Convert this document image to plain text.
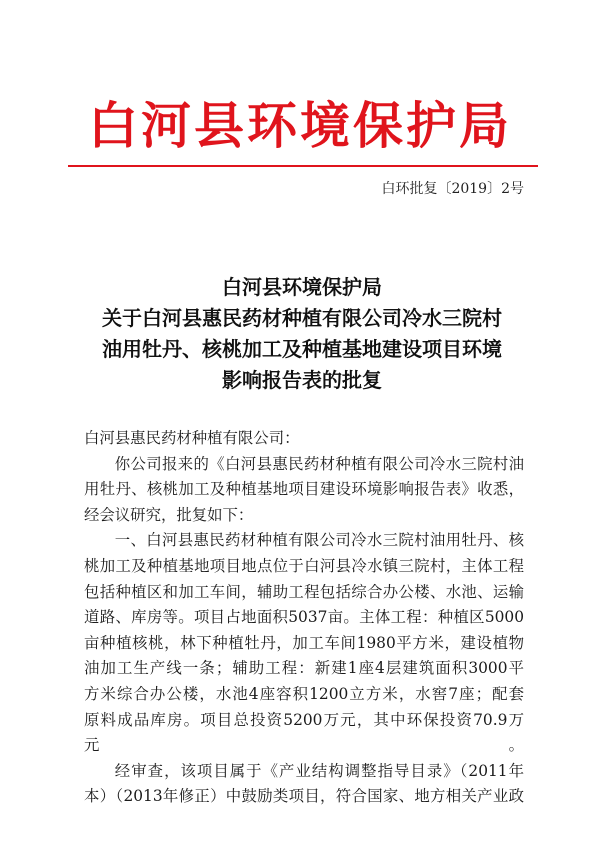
白河县环境保护局
白环批复〔2019〕2号
白河县环境保护局
关于白河县惠民药材种植有限公司冷水三院村
油用牡丹、核桃加工及种植基地建设项目环境
影响报告表的批复

白河县惠民药材种植有限公司：

你公司报来的《白河县惠民药材种植有限公司冷水三院村油

用牡丹、核桃加工及种植基地项目建设环境影响报告表》收悉，

经会议研究，批复如下：

一、白河县惠民药材种植有限公司冷水三院村油用牡丹、核

桃加工及种植基地项目地点位于白河县冷水镇三院村，主体工程

包括种植区和加工车间，辅助工程包括综合办公楼、水池、运输

道路、库房等。项目占地面积5037亩。主体工程：种植区5000

亩种植核桃，林下种植牡丹，加工车间1980平方米，建设植物

油加工生产线一条；辅助工程：新建1座4层建筑面积3000平

方米综合办公楼，水池4座容积1200立方米，水窖7座；配套

原料成品库房。项目总投资5200万元，其中环保投资70.9万元。

经审查，该项目属于《产业结构调整指导目录》（2011年

本）（2013年修正）中鼓励类项目，符合国家、地方相关产业政
